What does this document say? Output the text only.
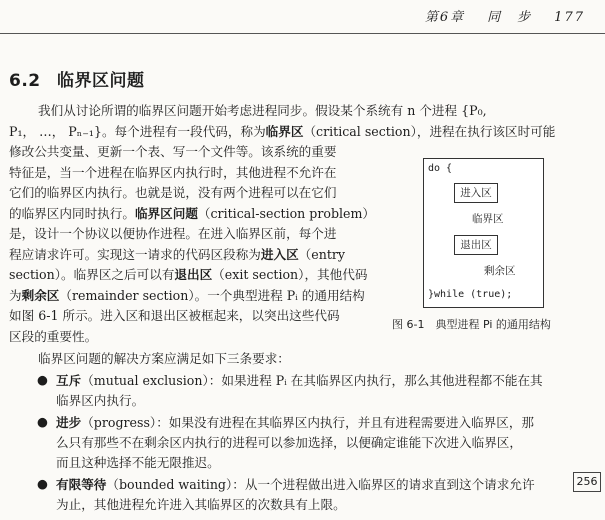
第6章 同　步 177
6.2 临界区问题
我们从讨论所谓的临界区问题开始考虑进程同步。假设某个系统有 n 个进程 {P₀,
P₁， …， Pₙ₋₁}。每个进程有一段代码，称为临界区（critical section），进程在执行该区时可能
修改公共变量、更新一个表、写一个文件等。该系统的重要
特征是，当一个进程在临界区内执行时，其他进程不允许在
它们的临界区内执行。也就是说，没有两个进程可以在它们
的临界区内同时执行。临界区问题（critical-section problem）
是，设计一个协议以便协作进程。在进入临界区前，每个进
程应请求许可。实现这一请求的代码区段称为进入区（entry
section）。临界区之后可以有退出区（exit section），其他代码
为剩余区（remainder section）。一个典型进程 Pᵢ 的通用结构
如图 6-1 所示。进入区和退出区被框起来，以突出这些代码
区段的重要性。
do {
进入区
临界区
退出区
剩余区
}while (true);
图 6-1　典型进程 Pi 的通用结构
临界区问题的解决方案应满足如下三条要求：
● 互斥（mutual exclusion）：如果进程 Pᵢ 在其临界区内执行，那么其他进程都不能在其
临界区内执行。
● 进步（progress）：如果没有进程在其临界区内执行，并且有进程需要进入临界区，那
么只有那些不在剩余区内执行的进程可以参加选择，以便确定谁能下次进入临界区，
而且这种选择不能无限推迟。
● 有限等待（bounded waiting）：从一个进程做出进入临界区的请求直到这个请求允许
为止，其他进程允许进入其临界区的次数具有上限。
256
